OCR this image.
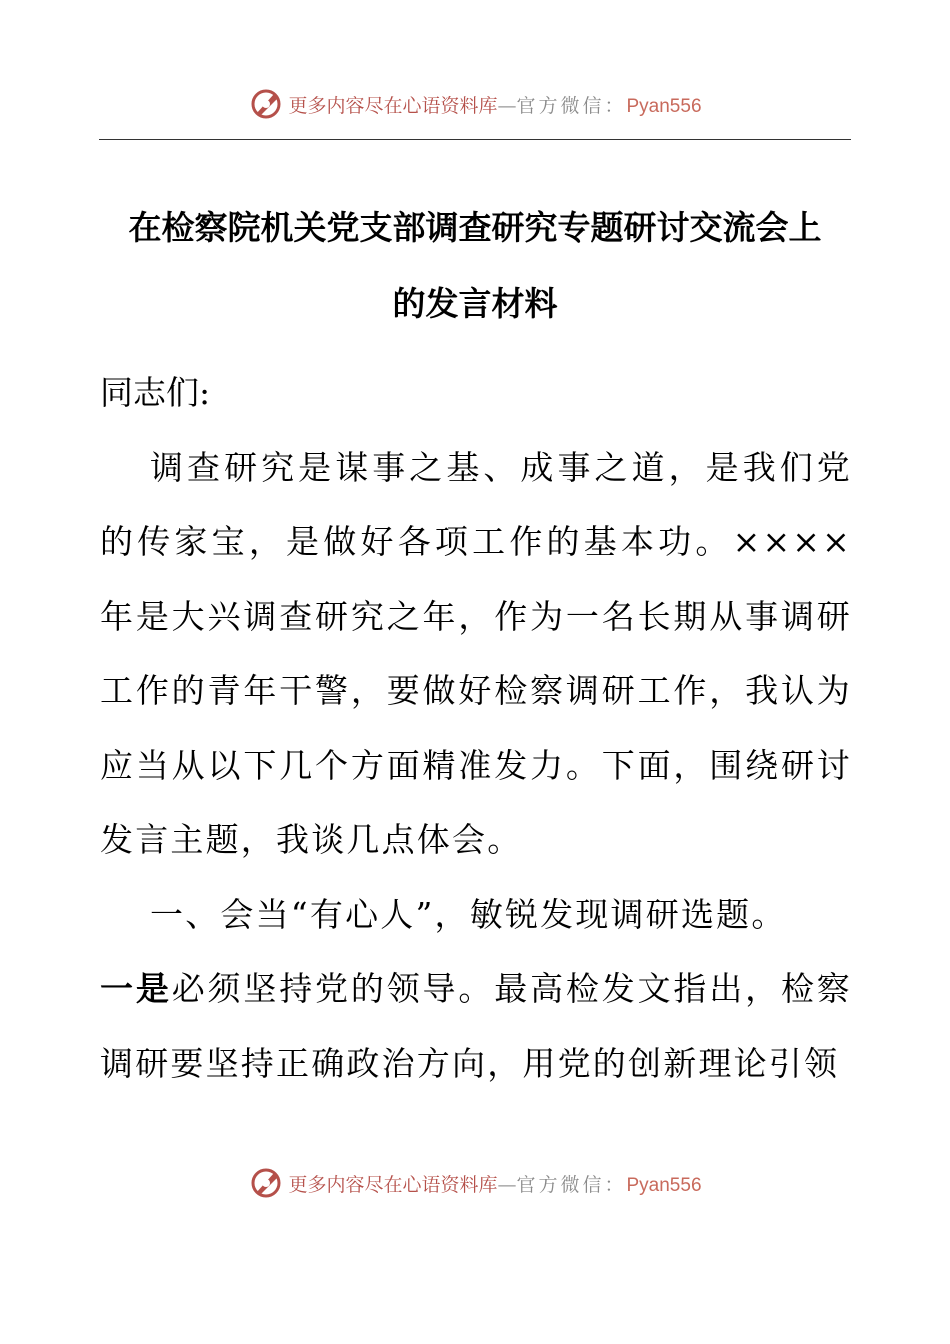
更多内容尽在心语资料库—官方微信：Pyan556
在检察院机关党支部调查研究专题研讨交流会上
的发言材料

同志们:

调查研究是谋事之基、成事之道，是我们党的传家宝，是做好各项工作的基本功。××××年是大兴调查研究之年，作为一名长期从事调研工作的青年干警，要做好检察调研工作，我认为应当从以下几个方面精准发力。下面，围绕研讨发言主题，我谈几点体会。

一、会当“有心人”，敏锐发现调研选题。

一是必须坚持党的领导。最高检发文指出，检察调研要坚持正确政治方向，用党的创新理论引领

更多内容尽在心语资料库—官方微信：Pyan556
